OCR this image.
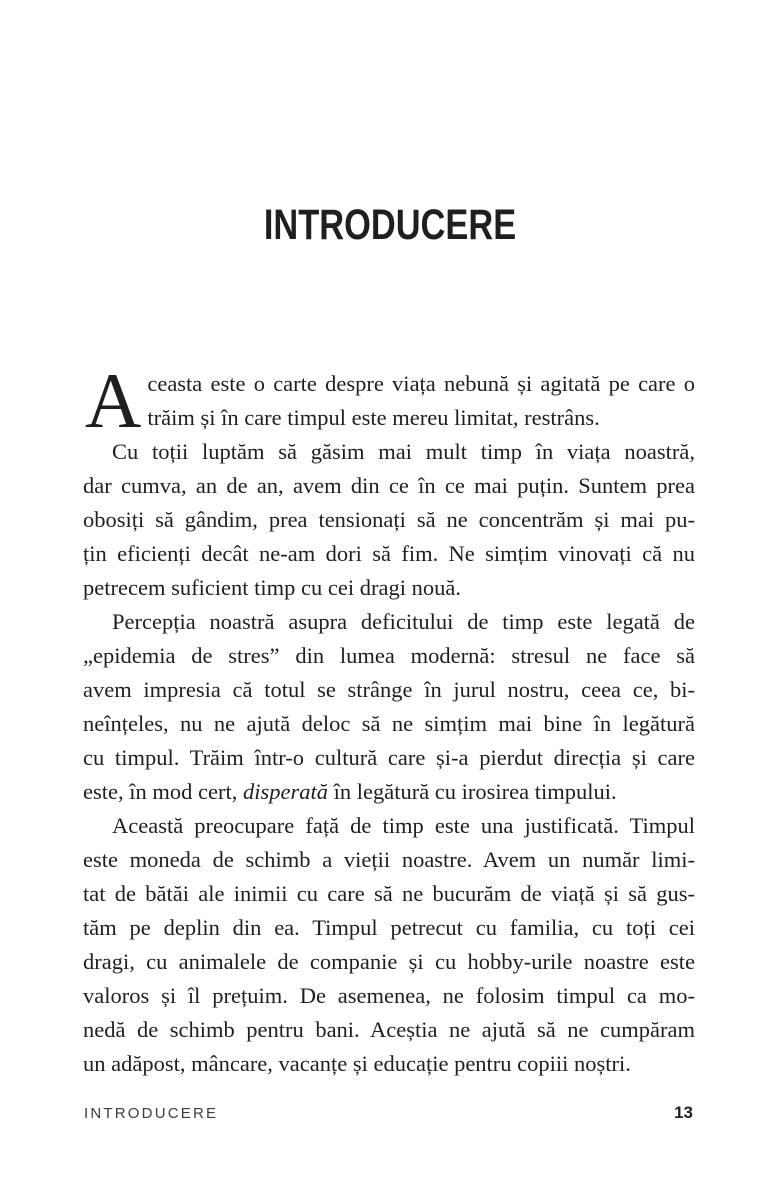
INTRODUCERE
A ceasta este o carte despre viața nebună și agitată pe care o
trăim și în care timpul este mereu limitat, restrâns.
Cu toții luptăm să găsim mai mult timp în viața noastră,
dar cumva, an de an, avem din ce în ce mai puțin. Suntem prea
obosiți să gândim, prea tensionați să ne concentrăm și mai pu-
țin eficienți decât ne-am dori să fim. Ne simțim vinovați că nu
petrecem suficient timp cu cei dragi nouă.
Percepția noastră asupra deficitului de timp este legată de
„epidemia de stres” din lumea modernă: stresul ne face să
avem impresia că totul se strânge în jurul nostru, ceea ce, bi-
neînțeles, nu ne ajută deloc să ne simțim mai bine în legătură
cu timpul. Trăim într-o cultură care și-a pierdut direcția și care
este, în mod cert, disperată în legătură cu irosirea timpului.
Această preocupare față de timp este una justificată. Timpul
este moneda de schimb a vieții noastre. Avem un număr limi-
tat de bătăi ale inimii cu care să ne bucurăm de viață și să gus-
tăm pe deplin din ea. Timpul petrecut cu familia, cu toți cei
dragi, cu animalele de companie și cu hobby-urile noastre este
valoros și îl prețuim. De asemenea, ne folosim timpul ca mo-
nedă de schimb pentru bani. Aceștia ne ajută să ne cumpăram
un adăpost, mâncare, vacanțe și educație pentru copiii noștri.
INTRODUCERE	13
